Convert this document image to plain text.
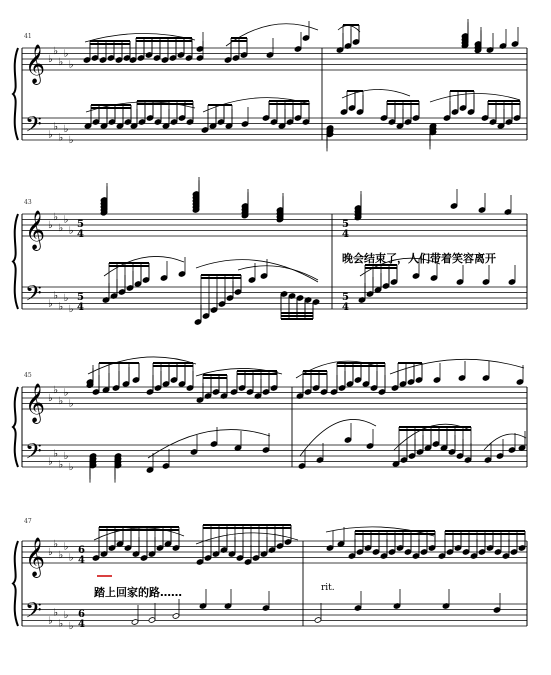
𝄞
𝄢
♭
♭
♭
♭
♭
♭
♭
♭
♭
♭
𝄞
𝄢
♭
♭
♭
♭
♭
♭
♭
♭
♭
♭
𝄞
𝄢
♭
♭
♭
♭
♭
♭
♭
♭
♭
♭
𝄞
𝄢
♭
♭
♭
♭
♭
♭
♭
♭
♭
♭
41
43
45
47
5
4
5
4
5
4
5
4
6
4
6
4
晚会结束了，人们带着笑容离开
踏上回家的路……	rit.
